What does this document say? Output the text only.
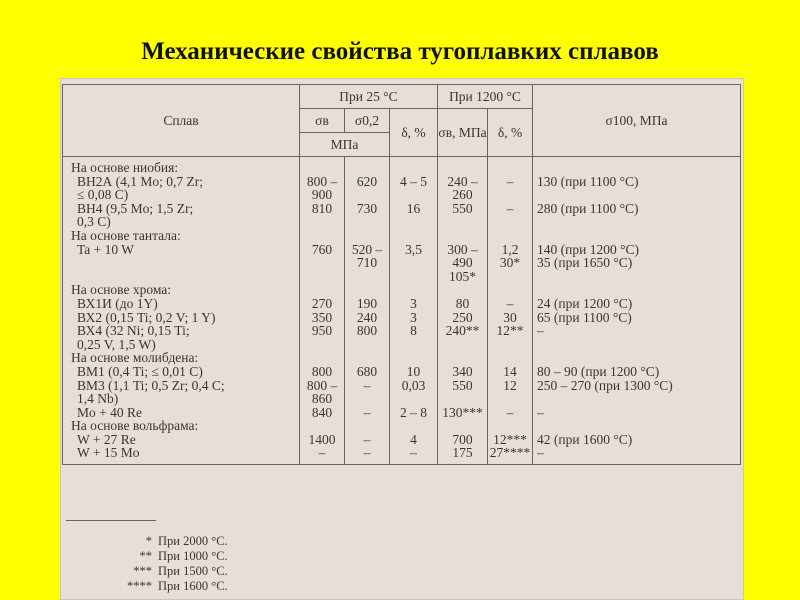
Механические свойства тугоплавких сплавов
Сплав	При 25 °C			При 1200 °C		σ100, МПа
	σв	σ0,2	δ, %	σв, МПа	δ, %	
	МПа					
На основе ниобия:						
ВН2А (4,1 Mo; 0,7 Zr;	800 –	620	4 – 5	240 –	–	130 (при 1100 °C)
≤ 0,08 C)	900			260		
ВН4 (9,5 Mo; 1,5 Zr;	810	730	16	550	–	280 (при 1100 °C)
0,3 C)						
На основе тантала:						
Ta + 10 W	760	520 –	3,5	300 –	1,2	140 (при 1200 °C)
		710		490	30*	35 (при 1650 °C)
				105*		
На основе хрома:						
ВХ1И (до 1Y)	270	190	3	80	–	24 (при 1200 °C)
ВХ2 (0,15 Ti; 0,2 V; 1 Y)	350	240	3	250	30	65 (при 1100 °C)
ВХ4 (32 Ni; 0,15 Ti;	950	800	8	240**	12**	–
0,25 V, 1,5 W)						
На основе молибдена:						
ВМ1 (0,4 Ti; ≤ 0,01 C)	800	680	10	340	14	80 – 90 (при 1200 °C)
ВМ3 (1,1 Ti; 0,5 Zr; 0,4 C;	800 –	–	0,03	550	12	250 – 270 (при 1300 °C)
1,4 Nb)	860					
Mo + 40 Re	840	–	2 – 8	130***	–	–
На основе вольфрама:						
W + 27 Re	1400	–	4	700	12***	42 (при 1600 °C)
W + 15 Mo	–	–	–	175	27****	–
* При 2000 °C.
** При 1000 °C.
*** При 1500 °C.
**** При 1600 °C.
